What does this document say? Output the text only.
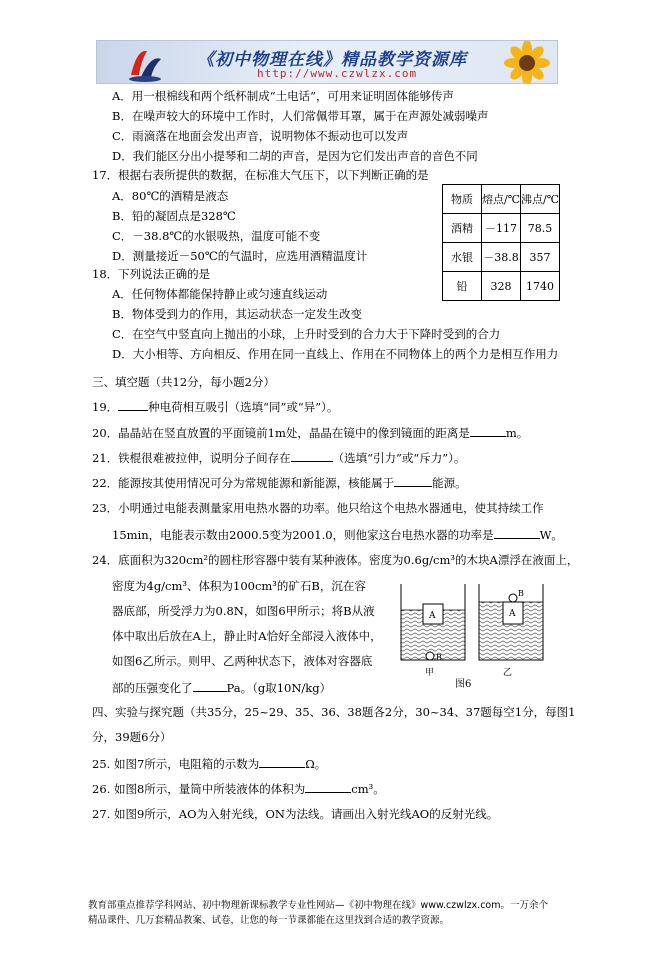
《初中物理在线》精品教学资源库
http://www.czwlzx.com
A．用一根棉线和两个纸杯制成“土电话”，可用来证明固体能够传声
B．在噪声较大的环境中工作时，人们常佩带耳罩，属于在声源处减弱噪声
C．雨滴落在地面会发出声音，说明物体不振动也可以发声
D．我们能区分出小提琴和二胡的声音，是因为它们发出声音的音色不同
17．根据右表所提供的数据，在标准大气压下，以下判断正确的是
A．80℃的酒精是液态
B．铅的凝固点是328℃
C．－38.8℃的水银吸热，温度可能不变
D．测量接近－50℃的气温时，应选用酒精温度计
物质	熔点/℃	沸点/℃
酒精	－117	78.5
水银	－38.8	357
铅	328	1740
18．下列说法正确的是
A．任何物体都能保持静止或匀速直线运动
B．物体受到力的作用，其运动状态一定发生改变
C．在空气中竖直向上抛出的小球，上升时受到的合力大于下降时受到的合力
D．大小相等、方向相反、作用在同一直线上、作用在不同物体上的两个力是相互作用力
三、填空题（共12分，每小题2分）
19．	种电荷相互吸引（选填“同”或“异”）。
20．晶晶站在竖直放置的平面镜前1m处，晶晶在镜中的像到镜面的距离是	m。
21．铁棍很难被拉伸，说明分子间存在	（选填“引力”或“斥力”）。
22．能源按其使用情况可分为常规能源和新能源，核能属于	能源。
23．小明通过电能表测量家用电热水器的功率。他只给这个电热水器通电，使其持续工作
15min，电能表示数由2000.5变为2001.0，则他家这台电热水器的功率是	W。
24．底面积为320cm²的圆柱形容器中装有某种液体。密度为0.6g/cm³的木块A漂浮在液面上，
密度为4g/cm³、体积为100cm³的矿石B，沉在容
器底部，所受浮力为0.8N，如图6甲所示；将B从液
体中取出后放在A上，静止时A恰好全部浸入液体中，
如图6乙所示。则甲、乙两种状态下，液体对容器底
部的压强变化了	Pa。（g取10N/kg）
A
B
甲
A
B
乙
图6
四、实验与探究题（共35分，25~29、35、36、38题各2分，30~34、37题每空1分，每图1
分，39题6分）
25. 如图7所示，电阻箱的示数为	Ω。
26. 如图8所示，量筒中所装液体的体积为	cm³。
27. 如图9所示，AO为入射光线，ON为法线。请画出入射光线AO的反射光线。
教育部重点推荐学科网站、初中物理新课标教学专业性网站—《初中物理在线》www.czwlzx.com。一万余个
精品课件、几万套精品教案、试卷，让您的每一节课都能在这里找到合适的教学资源。
